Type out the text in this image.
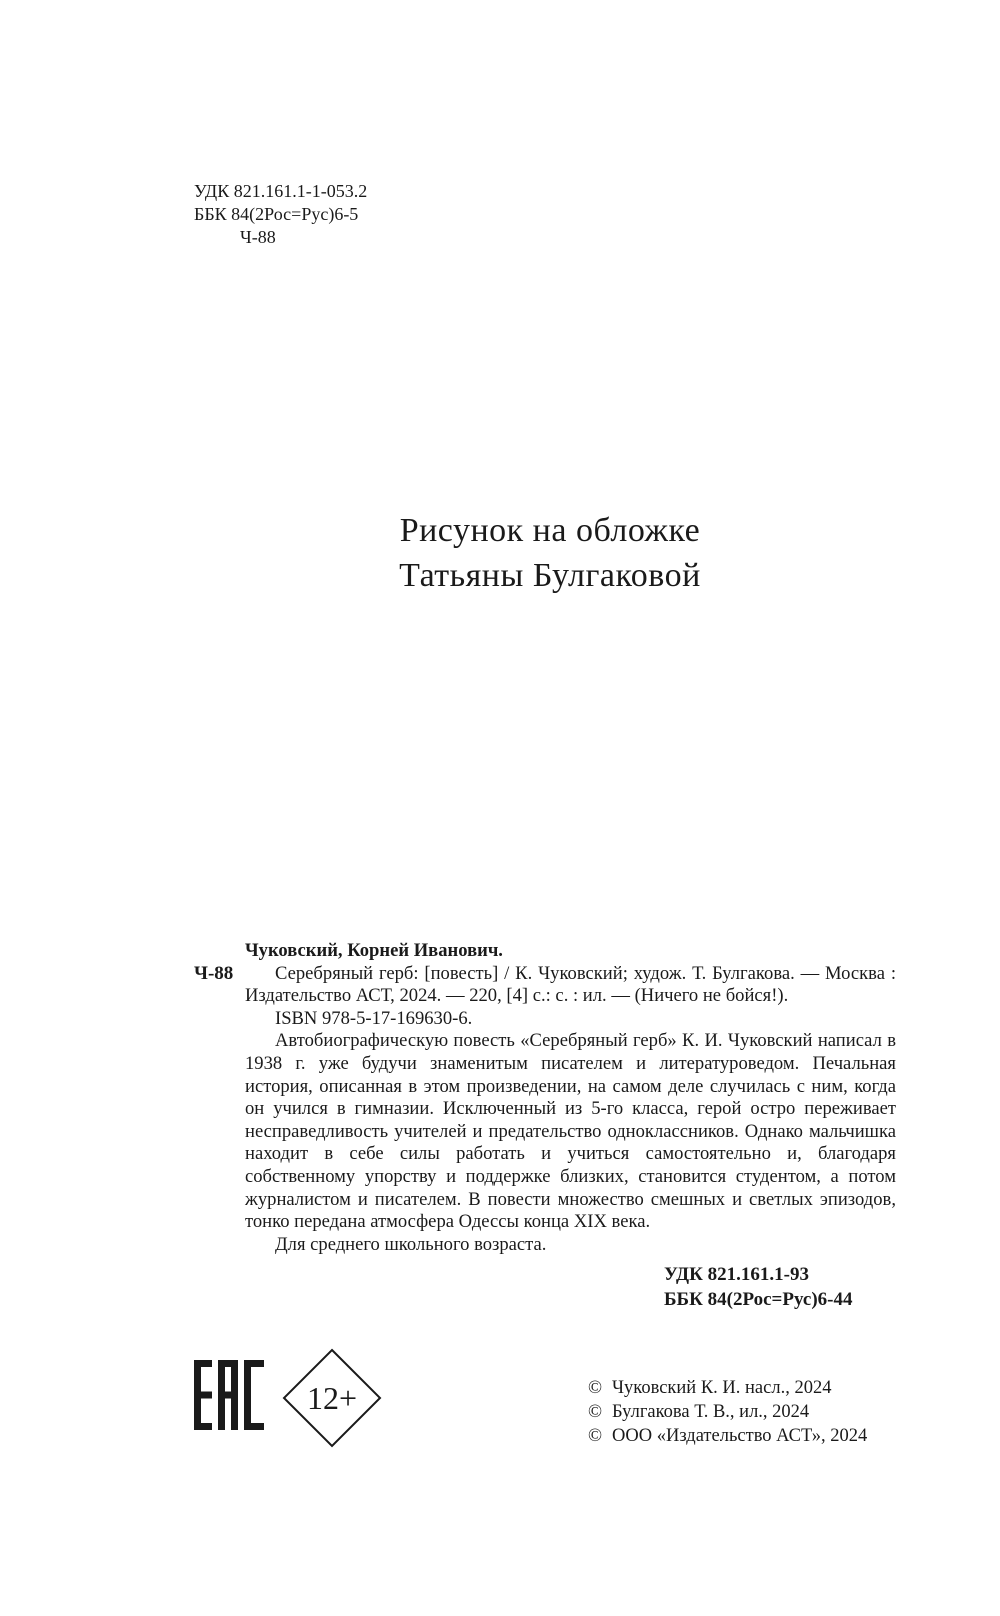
УДК 821.161.1-1-053.2
ББК 84(2Рос=Рус)6-5
Ч-88
Рисунок на обложке
Татьяны Булгаковой
Ч-88

Чуковский, Корней Иванович.

Серебряный герб: [повесть] / К. Чуковский; худож. Т. Булгакова. — Москва : Издательство АСТ, 2024. — 220, [4] с.: с. : ил. — (Ничего не бойся!).

ISBN 978-5-17-169630-6.

Автобиографическую повесть «Серебряный герб» К. И. Чуковский написал в 1938 г. уже будучи знаменитым писателем и литературоведом. Печальная история, описанная в этом произведении, на самом деле случилась с ним, когда он учился в гимназии. Исключенный из 5-го класса, герой остро переживает несправедливость учителей и предательство одноклассников. Однако мальчишка находит в себе силы работать и учиться самостоятельно и, благодаря собственному упорству и поддержке близких, становится студентом, а потом журналистом и писателем. В повести множество смешных и светлых эпизодов, тонко передана атмосфера Одессы конца XIX века.

Для среднего школьного возраста.

УДК 821.161.1-93
ББК 84(2Рос=Рус)6-44
12+	© Чуковский К. И. насл., 2024
© Булгакова Т. В., ил., 2024
© ООО «Издательство АСТ», 2024
